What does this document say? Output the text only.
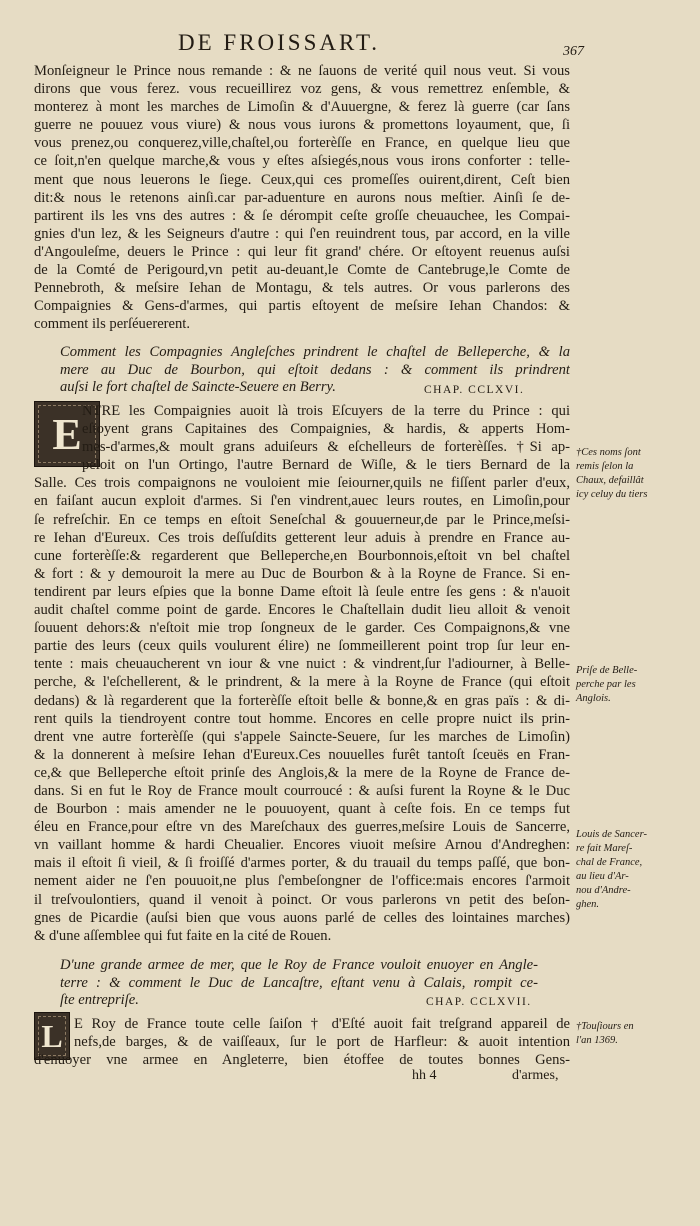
DE FROISSART.	367
Monſeigneur le Prince nous remande : & ne ſauons de verité quil nous veut. Si vous
dirons que vous ferez. vous recueillirez voz gens, & vous remettrez enſemble, &
monterez à mont les marches de Limoſin & d'Auuergne, & ferez là guerre (car ſans
guerre ne pouuez vous viure) & nous vous iurons & promettons loyaument, que, ſi
vous prenez,ou conquerez,ville,chaſtel,ou forterèſſe en France, en quelque lieu que
ce ſoit,n'en quelque marche,& vous y eſtes aſsiegés,nous vous irons conforter : telle-
ment que nous leuerons le ſiege. Ceux,qui ces promeſſes ouirent,dirent, Ceſt bien
dit:& nous le retenons ainſi.car par-aduenture en aurons nous meſtier. Ainſi ſe de-
partirent ils les vns des autres : & ſe dérompit ceſte groſſe cheuauchee, les Compai-
gnies d'un lez, & les Seigneurs d'autre : qui ſ'en reuindrent tous, par accord, en la ville
d'Angouleſme, deuers le Prince : qui leur fit grand' chére. Or eſtoyent reuenus auſsi
de la Comté de Perigourd,vn petit au-deuant,le Comte de Cantebruge,le Comte de
Pennebroth, & meſsire Iehan de Montagu, & tels autres. Or vous parlerons des
Compaignies & Gens-d'armes, qui partis eſtoyent de meſsire Iehan Chandos: &
comment ils perſéuererent.
Comment les Compagnies Angleſches prindrent le chaſtel de Belleperche, & la
mere au Duc de Bourbon, qui eſtoit dedans : & comment ils prindrent
auſsi le fort chaſtel de Saincte-Seuere en Berry.	CHAP. CCLXVI.
E NTRE les Compaignies auoit là trois Eſcuyers de la terre du Prince : qui
eſtoyent grans Capitaines des Compaignies, & hardis, & apperts Hom-
mes-d'armes,& moult grans aduiſeurs & eſchelleurs de forterèſſes. †Si ap-
peloit on l'un Ortingo, l'autre Bernard de Wiſle, & le tiers Bernard de la
Salle. Ces trois compaignons ne vouloient mie ſeiourner,quils ne fiſſent parler d'eux,
en faiſant aucun exploit d'armes. Si ſ'en vindrent,auec leurs routes, en Limoſin,pour
ſe refreſchir. En ce temps en eſtoit Seneſchal & gouuerneur,de par le Prince,meſsi-
re Iehan d'Eureux. Ces trois deſſuſdits getterent leur aduis à prendre en France au-
cune forterèſſe:& regarderent que Belleperche,en Bourbonnois,eſtoit vn bel chaſtel
& fort : & y demouroit la mere au Duc de Bourbon & à la Royne de France. Si en-
tendirent par leurs eſpies que la bonne Dame eſtoit là ſeule entre ſes gens : & n'auoit
audit chaſtel comme point de garde. Encores le Chaſtellain dudit lieu alloit & venoit
ſouuent dehors:& n'eſtoit mie trop ſongneux de le garder. Ces Compaignons,& vne
partie des leurs (ceux quils voulurent élire) ne ſommeillerent point trop ſur leur en-
tente : mais cheuaucherent vn iour & vne nuict : & vindrent,ſur l'adiourner, à Belle-
perche, & l'eſchellerent, & le prindrent, & la mere à la Royne de France (qui eſtoit
dedans) & là regarderent que la forterèſſe eſtoit belle & bonne,& en gras païs : & di-
rent quils la tiendroyent contre tout homme. Encores en celle propre nuict ils prin-
drent vne autre forterèſſe (qui s'appele Saincte-Seuere, ſur les marches de Limoſin)
& la donnerent à meſsire Iehan d'Eureux.Ces nouuelles furêt tantoſt ſceuës en Fran-
ce,& que Belleperche eſtoit prinſe des Anglois,& la mere de la Royne de France de-
dans. Si en fut le Roy de France moult courroucé : & auſsi furent la Royne & le Duc
de Bourbon : mais amender ne le pouuoyent, quant à ceſte fois. En ce temps fut
éleu en France,pour eſtre vn des Mareſchaux des guerres,meſsire Louis de Sancerre,
vn vaillant homme & hardi Cheualier. Encores viuoit meſsire Arnou d'Andreghen:
mais il eſtoit ſi vieil, & ſi froiſſé d'armes porter, & du trauail du temps paſſé, que bon-
nement aider ne ſ'en pouuoit,ne plus ſ'embeſongner de l'office:mais encores ſ'armoit
il treſvoulontiers, quand il venoit à poinct. Or vous parlerons vn petit des beſon-
gnes de Picardie (auſsi bien que vous auons parlé de celles des lointaines marches)
& d'une aſſemblee qui fut faite en la cité de Rouen.
D'une grande armee de mer, que le Roy de France vouloit enuoyer en Angle-
terre : & comment le Duc de Lancaſtre, eſtant venu à Calais, rompit ce-
ſte entrepriſe.	CHAP. CCLXVII.
L E Roy de France toute celle ſaiſon † d'Eſté auoit fait treſgrand appareil de
nefs,de barges, & de vaiſſeaux, ſur le port de Harfleur: & auoit intention
d'enuoyer vne armee en Angleterre, bien étoffee de toutes bonnes Gens-
hh 4	d'armes,
†Ces noms ſont
remis ſelon la
Chaux, defaillât
icy celuy du tiers
Priſe de Belle-
perche par les
Anglois.
Louis de Sancer-
re fait Mareſ-
chal de France,
au lieu d'Ar-
nou d'Andre-
ghen.
†Touſiours en
l'an 1369.
